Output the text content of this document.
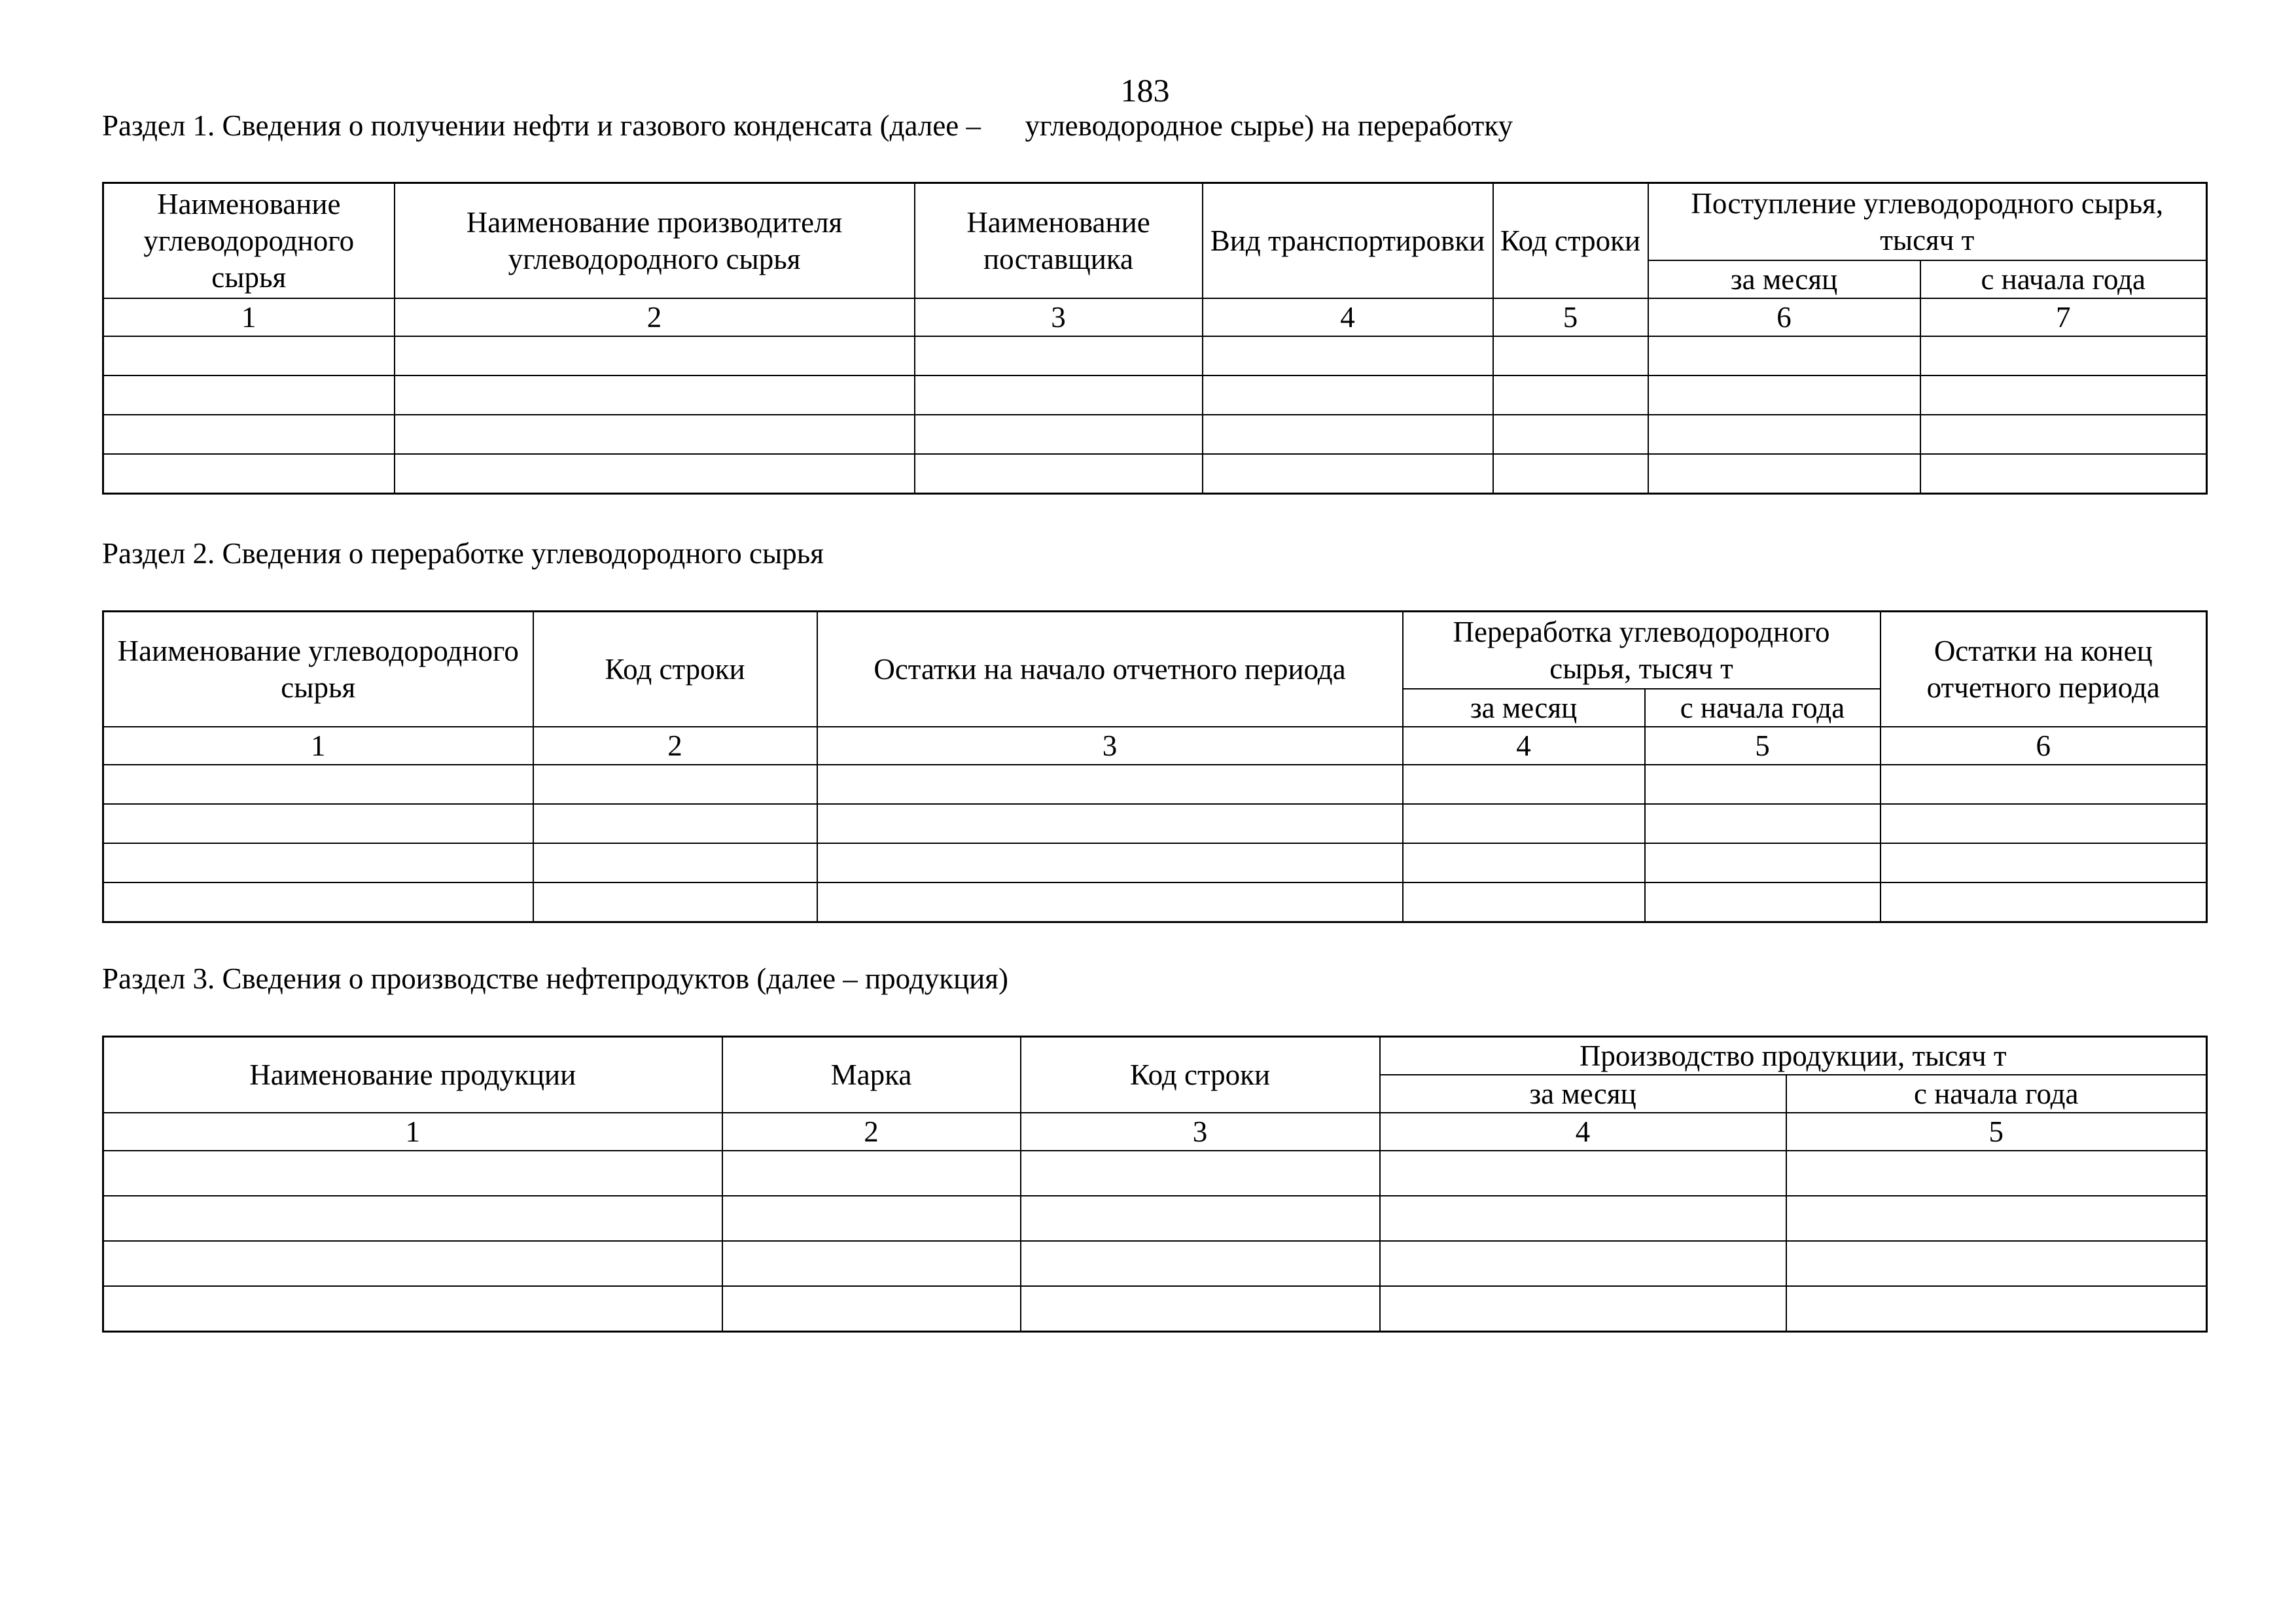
183
Раздел 1. Сведения о получении нефти и газового конденсата (далее –      углеводородное сырье) на переработку
Наименование углеводородного сырья	Наименование производителя углеводородного сырья	Наименование поставщика	Вид транспортировки	Код строки	Поступление углеводородного сырья, тысяч т	
					за месяц	с начала года
1	2	3	4	5	6	7

Раздел 2. Сведения о переработке углеводородного сырья
Наименование углеводородного сырья	Код строки	Остатки на начало отчетного периода	Переработка углеводородного сырья, тысяч т		Остатки на конец отчетного периода
			за месяц	с начала года	
1	2	3	4	5	6

Раздел 3. Сведения о производстве нефтепродуктов (далее – продукция)
Наименование продукции	Марка	Код строки	Производство продукции, тысяч т	
			за месяц	с начала года
1	2	3	4	5
